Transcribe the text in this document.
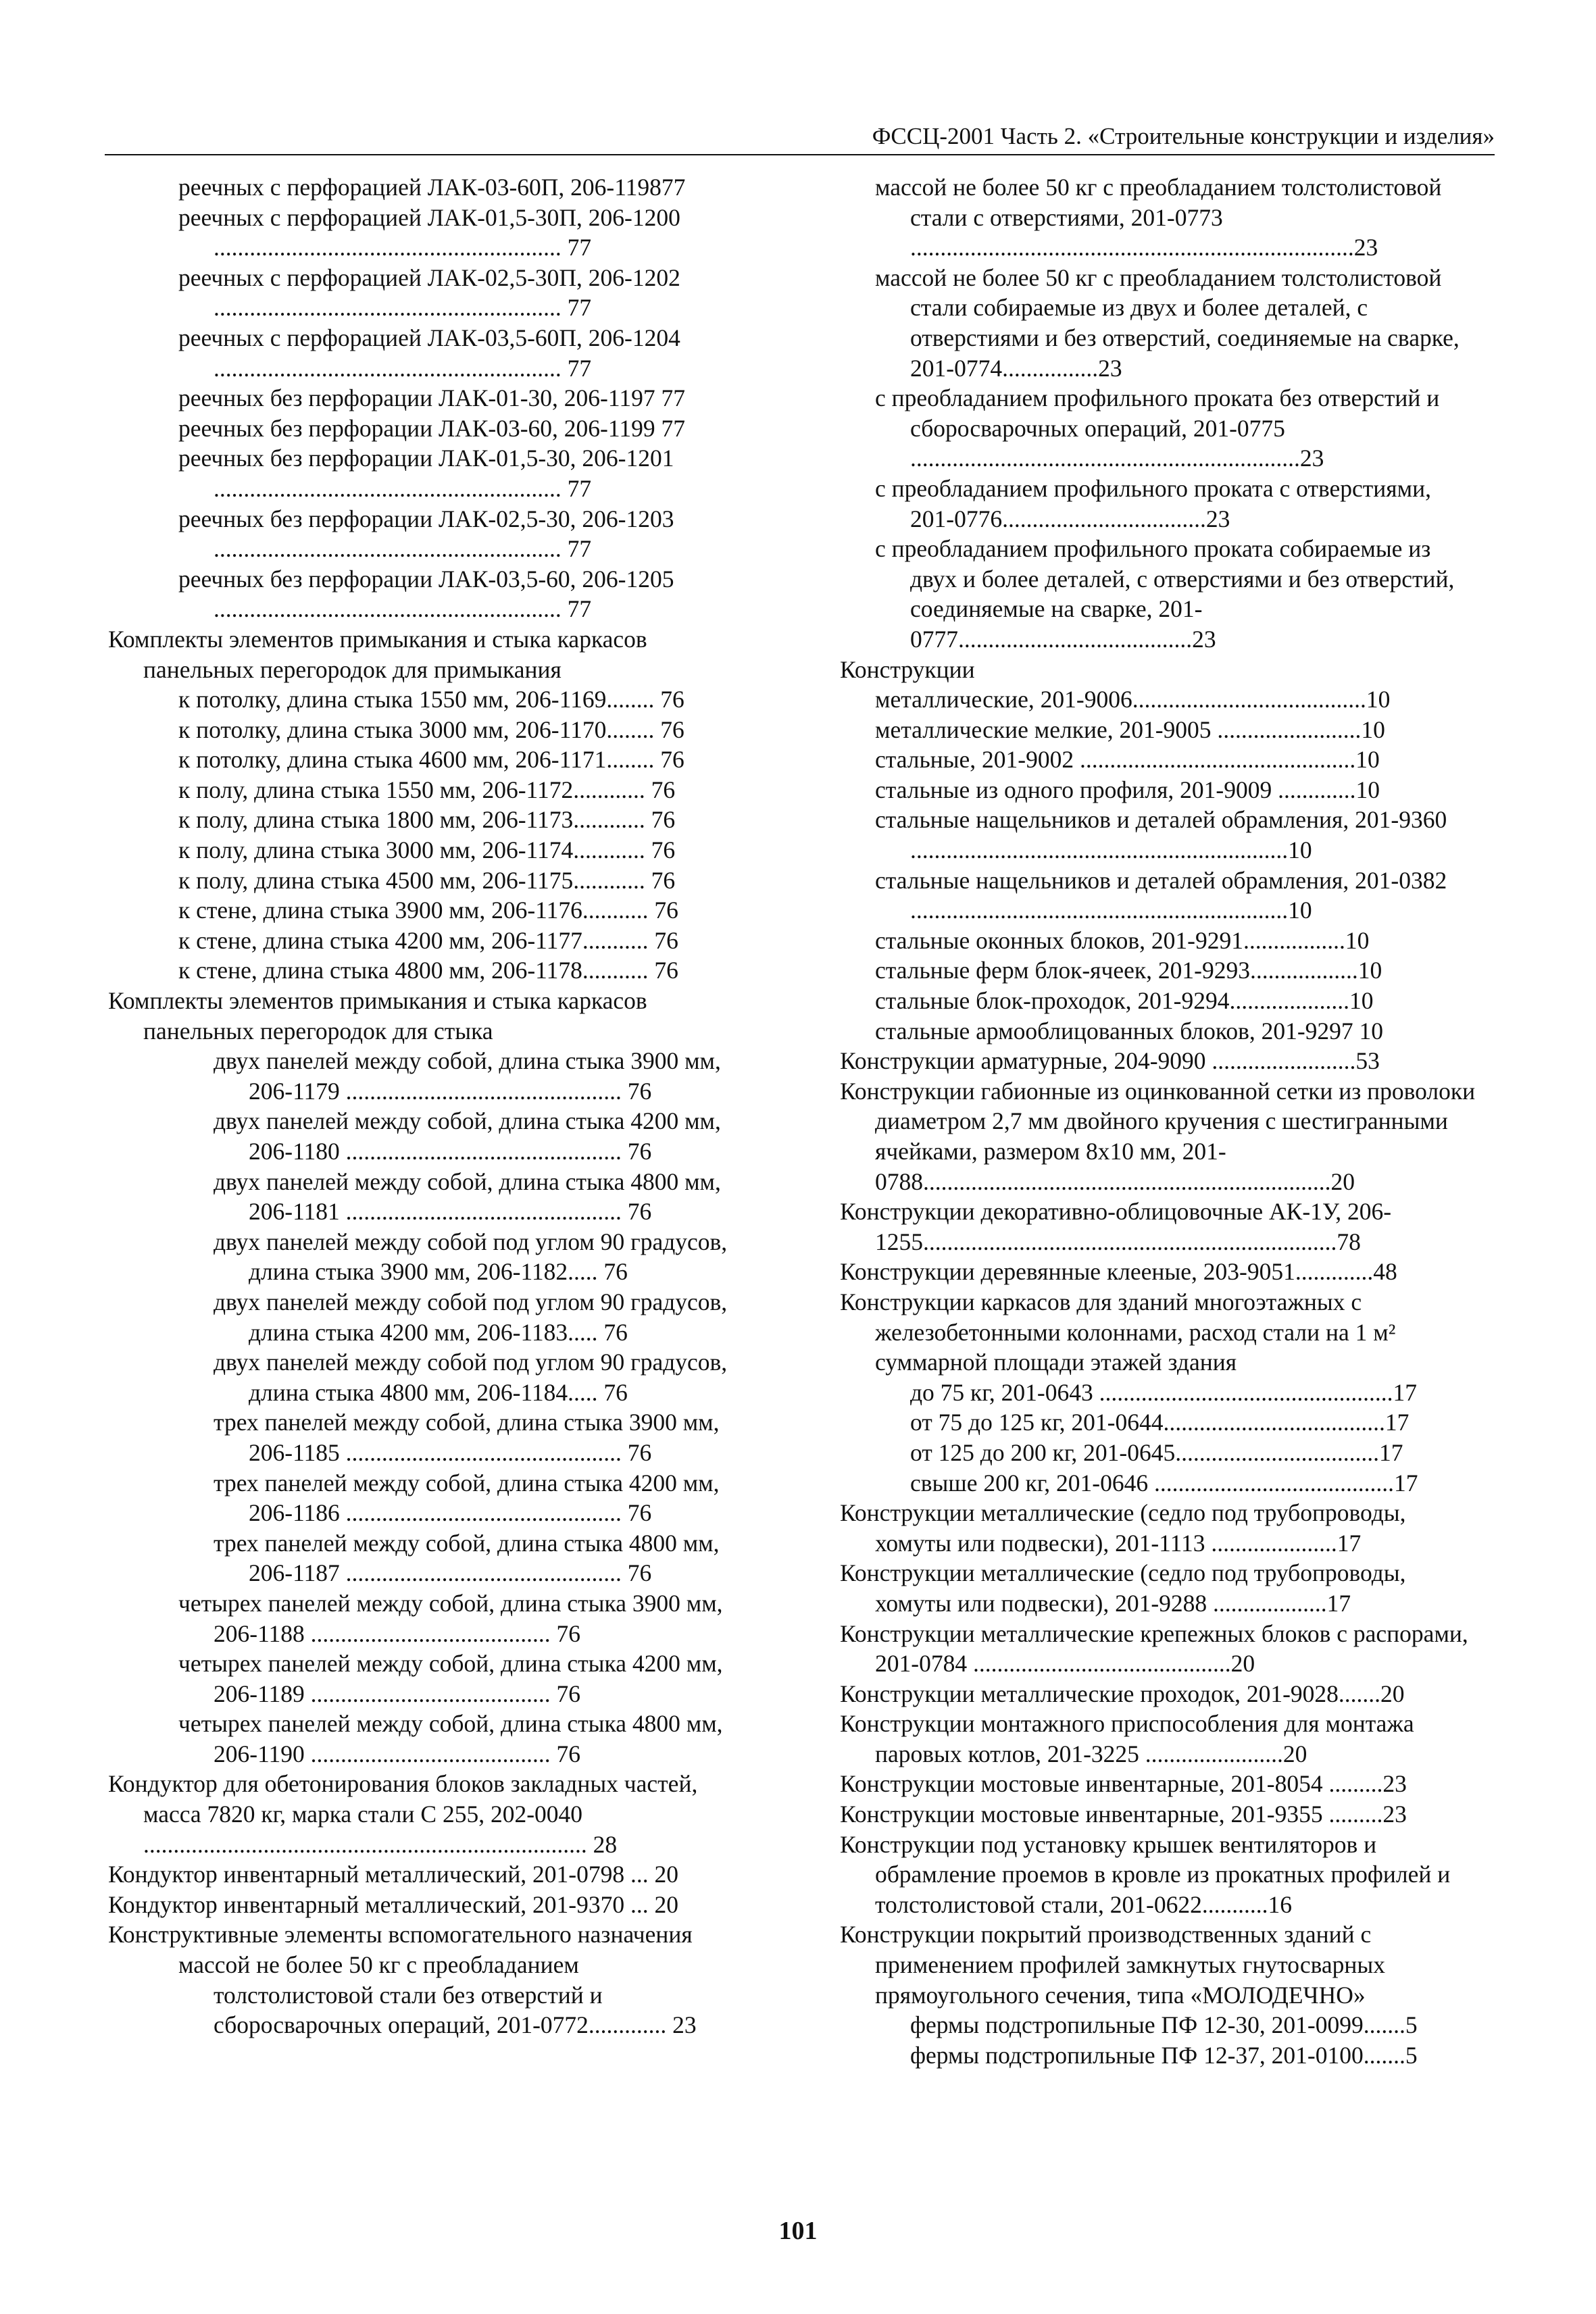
ФССЦ-2001 Часть 2. «Строительные конструкции и изделия»
реечных с перфорацией ЛАК-03-60П, 206-119877
реечных с перфорацией ЛАК-01,5-30П, 206-1200 .......................................................... 77
реечных с перфорацией ЛАК-02,5-30П, 206-1202 .......................................................... 77
реечных с перфорацией ЛАК-03,5-60П, 206-1204 .......................................................... 77
реечных без перфорации ЛАК-01-30, 206-1197 77
реечных без перфорации ЛАК-03-60, 206-1199 77
реечных без перфорации ЛАК-01,5-30, 206-1201 .......................................................... 77
реечных без перфорации ЛАК-02,5-30, 206-1203 .......................................................... 77
реечных без перфорации ЛАК-03,5-60, 206-1205 .......................................................... 77
Комплекты элементов примыкания и стыка каркасов панельных перегородок для примыкания
к потолку, длина стыка 1550 мм, 206-1169........ 76
к потолку, длина стыка 3000 мм, 206-1170........ 76
к потолку, длина стыка 4600 мм, 206-1171........ 76
к полу, длина стыка 1550 мм, 206-1172............ 76
к полу, длина стыка 1800 мм, 206-1173............ 76
к полу, длина стыка 3000 мм, 206-1174............ 76
к полу, длина стыка 4500 мм, 206-1175............ 76
к стене, длина стыка 3900 мм, 206-1176........... 76
к стене, длина стыка 4200 мм, 206-1177........... 76
к стене, длина стыка 4800 мм, 206-1178........... 76
Комплекты элементов примыкания и стыка каркасов панельных перегородок для стыка
двух панелей между собой, длина стыка 3900 мм, 206-1179 .............................................. 76
двух панелей между собой, длина стыка 4200 мм, 206-1180 .............................................. 76
двух панелей между собой, длина стыка 4800 мм, 206-1181 .............................................. 76
двух панелей между собой под углом 90 градусов, длина стыка 3900 мм, 206-1182..... 76
двух панелей между собой под углом 90 градусов, длина стыка 4200 мм, 206-1183..... 76
двух панелей между собой под углом 90 градусов, длина стыка 4800 мм, 206-1184..... 76
трех панелей между собой, длина стыка 3900 мм, 206-1185 .............................................. 76
трех панелей между собой, длина стыка 4200 мм, 206-1186 .............................................. 76
трех панелей между собой, длина стыка 4800 мм, 206-1187 .............................................. 76
четырех панелей между собой, длина стыка 3900 мм, 206-1188 ........................................ 76
четырех панелей между собой, длина стыка 4200 мм, 206-1189 ........................................ 76
четырех панелей между собой, длина стыка 4800 мм, 206-1190 ........................................ 76
Кондуктор для обетонирования блоков закладных частей, масса 7820 кг, марка стали С 255, 202-0040 .......................................................................... 28
Кондуктор инвентарный металлический, 201-0798 ... 20
Кондуктор инвентарный металлический, 201-9370 ... 20
Конструктивные элементы вспомогательного назначения
массой не более 50 кг с преобладанием толстолистовой стали без отверстий и сборосварочных операций, 201-0772............. 23
массой не более 50 кг с преобладанием толстолистовой стали с отверстиями, 201-0773 ..........................................................................23
массой не более 50 кг с преобладанием толстолистовой стали собираемые из двух и более деталей, с отверстиями и без отверстий, соединяемые на сварке, 201-0774................23
с преобладанием профильного проката без отверстий и сборосварочных операций, 201-0775 .................................................................23
с преобладанием профильного проката с отверстиями, 201-0776..................................23
с преобладанием профильного проката собираемые из двух и более деталей, с отверстиями и без отверстий, соединяемые на сварке, 201-0777.......................................23
Конструкции
металлические, 201-9006.......................................10
металлические мелкие, 201-9005 ........................10
стальные, 201-9002 ..............................................10
стальные из одного профиля, 201-9009 .............10
стальные нащельников и деталей обрамления, 201-9360 ...............................................................10
стальные нащельников и деталей обрамления, 201-0382 ...............................................................10
стальные оконных блоков, 201-9291.................10
стальные ферм блок-ячеек, 201-9293..................10
стальные блок-проходок, 201-9294....................10
стальные армооблицованных блоков, 201-9297 10
Конструкции арматурные, 204-9090 ........................53
Конструкции габионные из оцинкованной сетки из проволоки диаметром 2,7 мм двойного кручения с шестигранными ячейками, размером 8x10 мм, 201-0788....................................................................20
Конструкции декоративно-облицовочные АК-1У, 206-1255.....................................................................78
Конструкции деревянные клееные, 203-9051.............48
Конструкции каркасов для зданий многоэтажных с железобетонными колоннами, расход стали на 1 м² суммарной площади этажей здания
до 75 кг, 201-0643 .................................................17
от 75 до 125 кг, 201-0644.....................................17
от 125 до 200 кг, 201-0645..................................17
свыше 200 кг, 201-0646 ........................................17
Конструкции металлические (седло под трубопроводы, хомуты или подвески), 201-1113 .....................17
Конструкции металлические (седло под трубопроводы, хомуты или подвески), 201-9288 ...................17
Конструкции металлические крепежных блоков с распорами, 201-0784 ...........................................20
Конструкции металлические проходок, 201-9028.......20
Конструкции монтажного приспособления для монтажа паровых котлов, 201-3225 .......................20
Конструкции мостовые инвентарные, 201-8054 .........23
Конструкции мостовые инвентарные, 201-9355 .........23
Конструкции под установку крышек вентиляторов и обрамление проемов в кровле из прокатных профилей и толстолистовой стали, 201-0622...........16
Конструкции покрытий производственных зданий с применением профилей замкнутых гнутосварных прямоугольного сечения, типа «МОЛОДЕЧНО»
фермы подстропильные ПФ 12-30, 201-0099.......5
фермы подстропильные ПФ 12-37, 201-0100.......5
101
